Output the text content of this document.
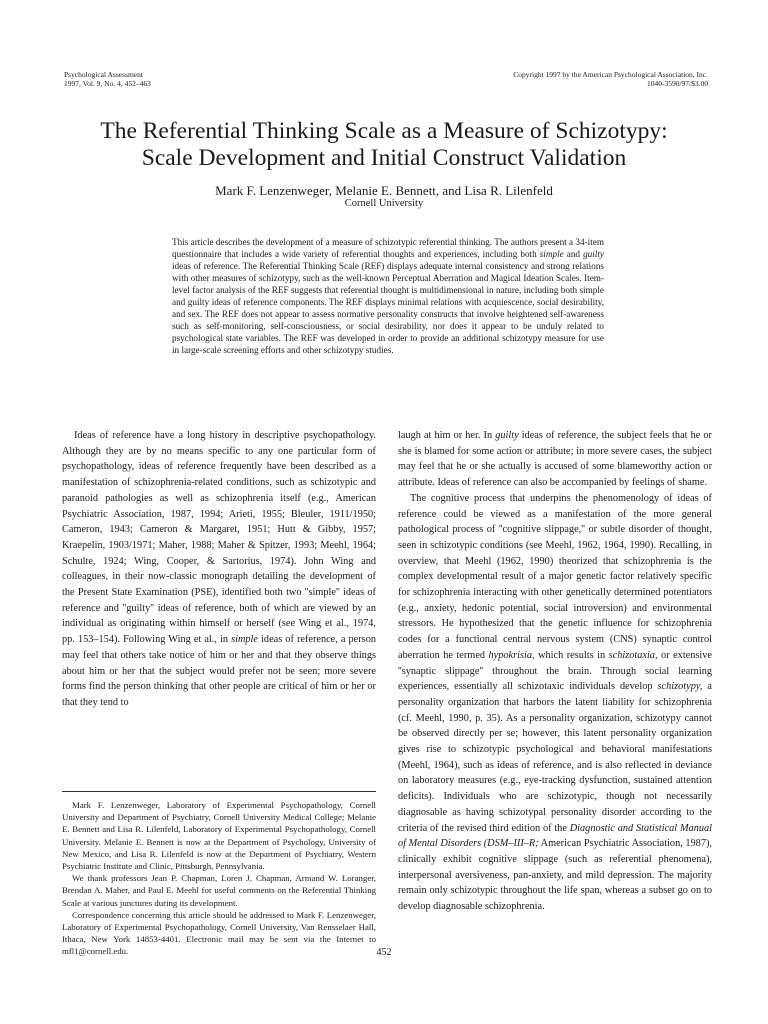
Psychological Assessment
1997, Vol. 9, No. 4, 452–463
Copyright 1997 by the American Psychological Association, Inc.
1040-3590/97/$3.00
The Referential Thinking Scale as a Measure of Schizotypy:
Scale Development and Initial Construct Validation
Mark F. Lenzenweger, Melanie E. Bennett, and Lisa R. Lilenfeld
Cornell University
This article describes the development of a measure of schizotypic referential thinking. The authors present a 34-item questionnaire that includes a wide variety of referential thoughts and experiences, including both simple and guilty ideas of reference. The Referential Thinking Scale (REF) displays adequate internal consistency and strong relations with other measures of schizotypy, such as the well-known Perceptual Aberration and Magical Ideation Scales. Item-level factor analysis of the REF suggests that referential thought is multidimensional in nature, including both simple and guilty ideas of reference components. The REF displays minimal relations with acquiescence, social desirability, and sex. The REF does not appear to assess normative personality constructs that involve heightened self-awareness such as self-monitoring, self-consciousness, or social desirability, nor does it appear to be unduly related to psychological state variables. The REF was developed in order to provide an additional schizotypy measure for use in large-scale screening efforts and other schizotypy studies.

Ideas of reference have a long history in descriptive psychopathology. Although they are by no means specific to any one particular form of psychopathology, ideas of reference frequently have been described as a manifestation of schizophrenia-related conditions, such as schizotypic and paranoid pathologies as well as schizophrenia itself (e.g., American Psychiatric Association, 1987, 1994; Arieti, 1955; Bleuler, 1911/1950; Cameron, 1943; Cameron & Margaret, 1951; Hutt & Gibby, 1957; Kraepelin, 1903/1971; Maher, 1988; Maher & Spitzer, 1993; Meehl, 1964; Schulte, 1924; Wing, Cooper, & Sartorius, 1974). John Wing and colleagues, in their now-classic monograph detailing the development of the Present State Examination (PSE), identified both two ''simple'' ideas of reference and ''guilty'' ideas of reference, both of which are viewed by an individual as originating within himself or herself (see Wing et al., 1974, pp. 153–154). Following Wing et al., in simple ideas of reference, a person may feel that others take notice of him or her and that they observe things about him or her that the subject would prefer not be seen; more severe forms find the person thinking that other people are critical of him or her or that they tend to

Mark F. Lenzenweger, Laboratory of Experimental Psychopathology, Cornell University and Department of Psychiatry, Cornell University Medical College; Melanie E. Bennett and Lisa R. Lilenfeld, Laboratory of Experimental Psychopathology, Cornell University. Melanie E. Bennett is now at the Department of Psychology, University of New Mexico, and Lisa R. Lilenfeld is now at the Department of Psychiatry, Western Psychiatric Institute and Clinic, Pittsburgh, Pennsylvania.

We thank professors Jean P. Chapman, Loren J. Chapman, Armand W. Loranger, Brendan A. Maher, and Paul E. Meehl for useful comments on the Referential Thinking Scale at various junctures during its development.

Correspondence concerning this article should be addressed to Mark F. Lenzenweger, Laboratory of Experimental Psychopathology, Cornell University, Van Rensselaer Hall, Ithaca, New York 14853-4401. Electronic mail may be sent via the Internet to mfl1@cornell.edu.

laugh at him or her. In guilty ideas of reference, the subject feels that he or she is blamed for some action or attribute; in more severe cases, the subject may feel that he or she actually is accused of some blameworthy action or attribute. Ideas of reference can also be accompanied by feelings of shame.

The cognitive process that underpins the phenomenology of ideas of reference could be viewed as a manifestation of the more general pathological process of ''cognitive slippage,'' or subtle disorder of thought, seen in schizotypic conditions (see Meehl, 1962, 1964, 1990). Recalling, in overview, that Meehl (1962, 1990) theorized that schizophrenia is the complex developmental result of a major genetic factor relatively specific for schizophrenia interacting with other genetically determined potentiators (e.g., anxiety, hedonic potential, social introversion) and environmental stressors. He hypothesized that the genetic influence for schizophrenia codes for a functional central nervous system (CNS) synaptic control aberration he termed hypokrisia, which results in schizotaxia, or extensive ''synaptic slippage'' throughout the brain. Through social learning experiences, essentially all schizotaxic individuals develop schizotypy, a personality organization that harbors the latent liability for schizophrenia (cf. Meehl, 1990, p. 35). As a personality organization, schizotypy cannot be observed directly per se; however, this latent personality organization gives rise to schizotypic psychological and behavioral manifestations (Meehl, 1964), such as ideas of reference, and is also reflected in deviance on laboratory measures (e.g., eye-tracking dysfunction, sustained attention deficits). Individuals who are schizotypic, though not necessarily diagnosable as having schizotypal personality disorder according to the criteria of the revised third edition of the Diagnostic and Statistical Manual of Mental Disorders (DSM–III–R; American Psychiatric Association, 1987), clinically exhibit cognitive slippage (such as referential phenomena), interpersonal aversiveness, pan-anxiety, and mild depression. The majority remain only schizotypic throughout the life span, whereas a subset go on to develop diagnosable schizophrenia.

452
